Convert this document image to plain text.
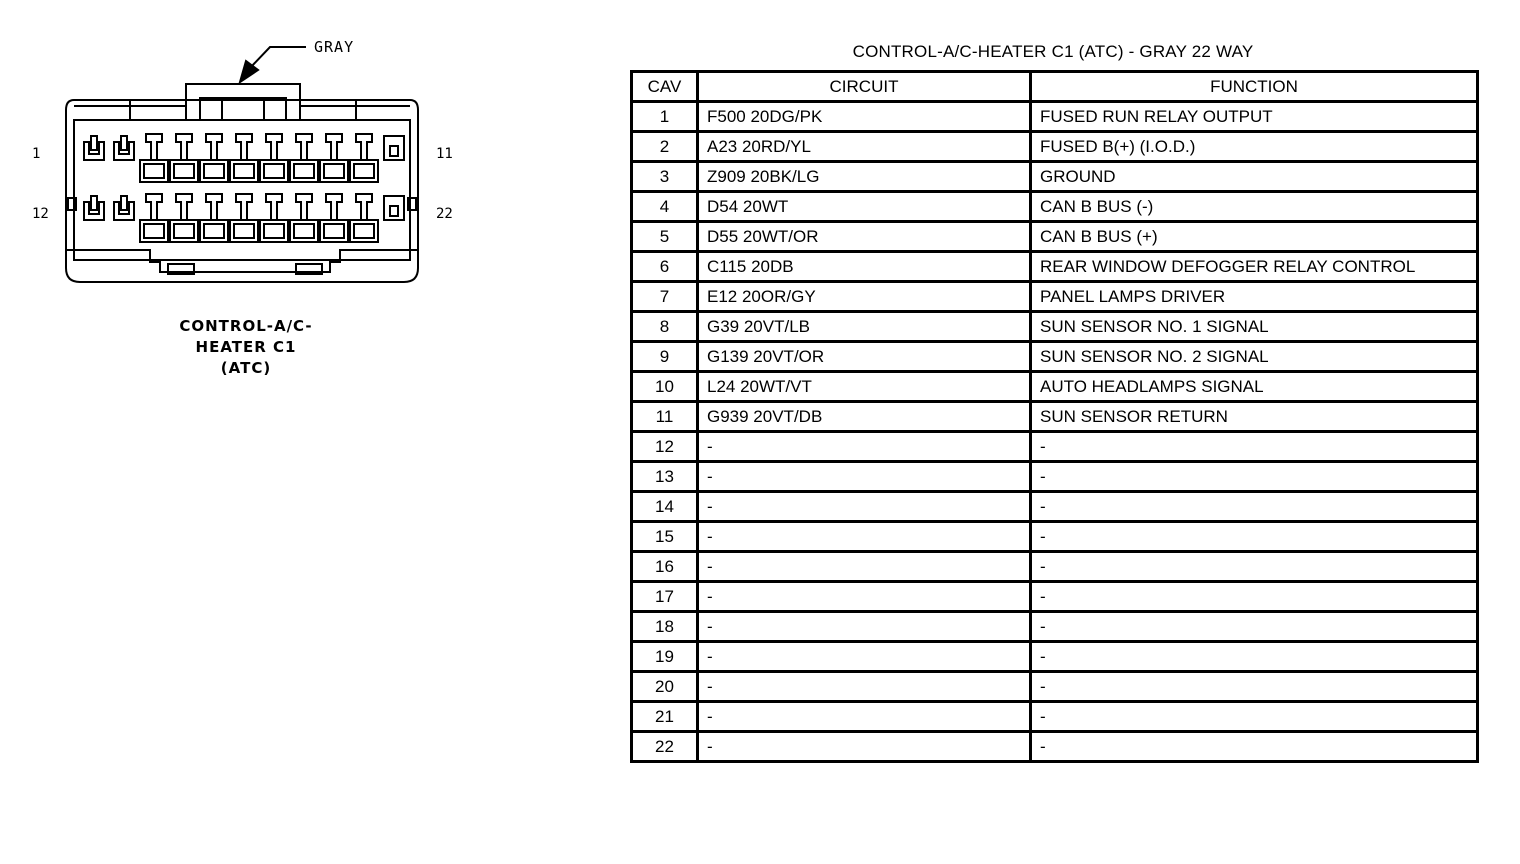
GRAY
1	11
12	22
CONTROL-A/C-
HEATER C1
(ATC)
CONTROL-A/C-HEATER C1 (ATC) - GRAY 22 WAY
CAV	CIRCUIT	FUNCTION
1	F500 20DG/PK	FUSED RUN RELAY OUTPUT
2	A23 20RD/YL	FUSED B(+) (I.O.D.)
3	Z909 20BK/LG	GROUND
4	D54 20WT	CAN B BUS (-)
5	D55 20WT/OR	CAN B BUS (+)
6	C115 20DB	REAR WINDOW DEFOGGER RELAY CONTROL
7	E12 20OR/GY	PANEL LAMPS DRIVER
8	G39 20VT/LB	SUN SENSOR NO. 1 SIGNAL
9	G139 20VT/OR	SUN SENSOR NO. 2 SIGNAL
10	L24 20WT/VT	AUTO HEADLAMPS SIGNAL
11	G939 20VT/DB	SUN SENSOR RETURN
12	-	-
13	-	-
14	-	-
15	-	-
16	-	-
17	-	-
18	-	-
19	-	-
20	-	-
21	-	-
22	-	-
